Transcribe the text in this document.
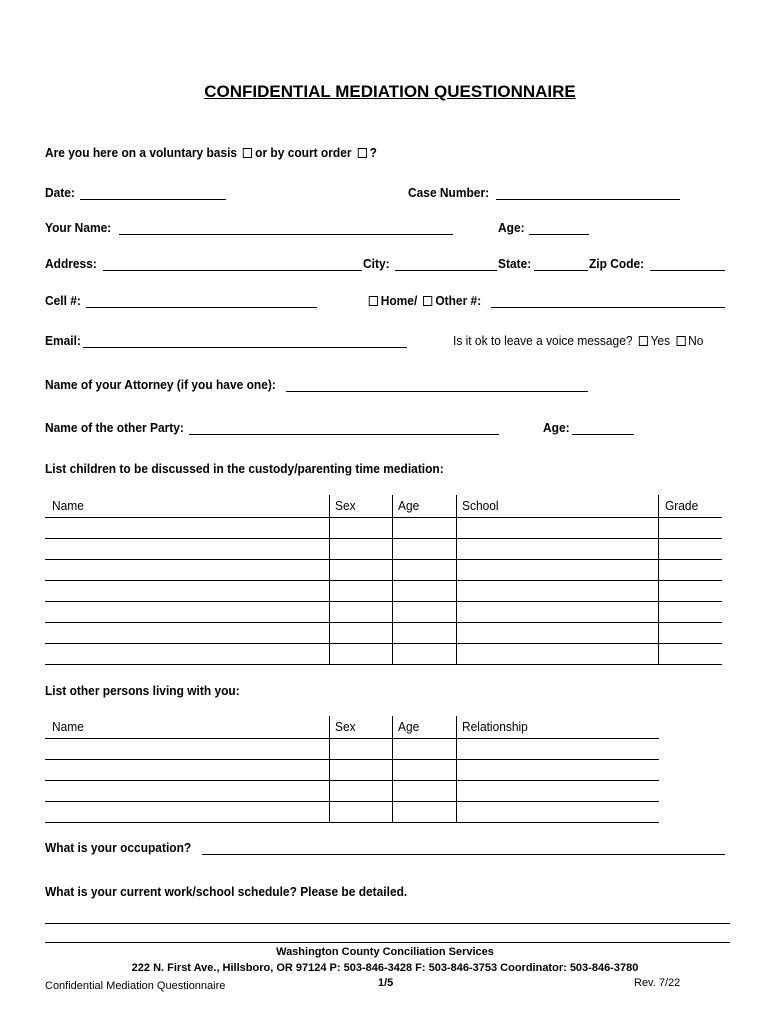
CONFIDENTIAL MEDIATION QUESTIONNAIRE
Are you here on a voluntary basis or by court order ?
Date:	Case Number:
Your Name:	Age:
Address:	City:	State:	Zip Code:
Cell #:	Home/ Other #:
Email:	Is it ok to leave a voice message? Yes No
Name of your Attorney (if you have one):
Name of the other Party:	Age:
List children to be discussed in the custody/parenting time mediation:
Name	Sex	Age	School	Grade
List other persons living with you:
Name	Sex	Age	Relationship
What is your occupation?
What is your current work/school schedule? Please be detailed.
Washington County Conciliation Services
222 N. First Ave., Hillsboro, OR 97124 P: 503-846-3428 F: 503-846-3753 Coordinator: 503-846-3780
Confidential Mediation Questionnaire	1/5	Rev. 7/22
